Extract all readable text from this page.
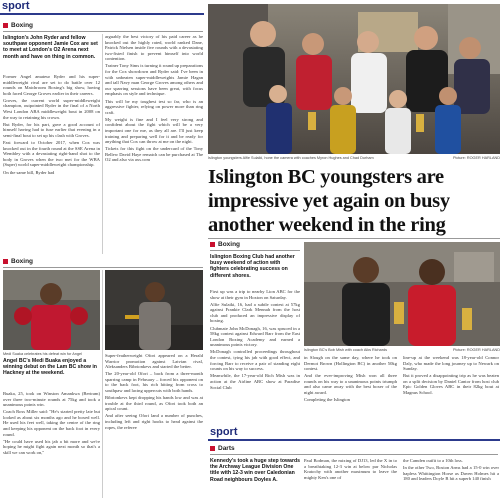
sport
Boxing
Islington's John Ryder and fellow southpaw opponent Jamie Cox are set to meet at London's O2 Arena next month and have on thing in common.

Former Angel amateur Ryder and his super-middleweight rival are set to do battle over 12 rounds on Matchroom Boxing's big show, having both faced George Groves earlier in their careers.

Groves, the current world super-middleweight champion, outpointed Ryder in the final of a North West London ABA middleweight bout in 2008 on the way to retaining his crown.

But Ryder, for his part, gave a good account of himself having had to fuse earlier that evening in a semi-final bout to set up his clash with Groves.

Fast forward to October 2017, when Cox was knocked out in the fourth round at the SSE Arena in Wembley with a devastating right-hand shot to the body in Groves when the two met for the WBA (Super) world super-middleweight championship.

On the same bill, Ryder had

arguably the best victory of his paid career as he knocked out the highly rated, world ranked Dane, Patrick Nielsen inside five rounds with a devastating two-fisted finish to prevent himself into world contention.

Trainer Tony Sims is turning it round up preparations for the Cox showdown and Ryder said: I've been in with unbeaten super-middleweights Jamie Hagan and tall Navy man George Groves among others and our sparring sessions have been great, with focus emphasis on style and technique.

This will be my toughest test so far, who is an aggressive fighter, relying on power more than ring craft.

My weight is fine and I feel very strong and confident about the fight which will be a very important one for me, as they all are. I'll just keep training and preparing well for it and be ready for anything that Cox can throw at me on the night.

Tickets for this fight on the undercard of the Tony Bellew David Haye rematch can be purchased at The O2 and also via axs.com	Islington youngsters Alfie Sulaiki, hone the camera with coaches Myron Hughes and Chad Durham	Picture: ROGER HARLAND
Islington BC youngsters are impressive yet again on busy another weekend in the ring
Boxing
Medi Suaka celebrates his defeat win for Angel
Angel BC's Medi Buaka enjoyed a winning debut on the Lam BC show in Hackney at the weekend.

Buaka, 25, took on Winston Amankwa (Bertram) over three two-minute rounds at 75kg and took a unanimous points win.

Coach Ross Miller said: "He's started pretty late but looked as about six months ago and he boxed well. He used his feet well, taking the centre of the ring and keeping his opponent on the back foot in every round.

"He could have used his jab a bit more and we're hoping he might fight again next month so that's a skill we can work on,"

Super-featherweight Ofori appeared on a Herald Warrior promotion against Latvian rival, Aleksanders Bibrionkevs and started the better.

The 20-year-old Ofori – back from a three-month sparring camp in February – forced his opponent on to the back foot, his rich hitting from cross to southpaw and lacing uppercuts with both hands.

Bibrionkevs kept dropping his hands low and was at trouble at the third round, as Ofori took both an apical count.

And after seeing Ofori land a number of punches, including left and right hooks to head against the ropes, the referee

Boxing
Islington Boxing Club had another busy weekend of action with fighters celebrating success on different shores.

First up was a trip to nearby Lion ABC for the show at their gym in Hoxton on Saturday.

Alfie Sulaiki, 16, had a subtle contest at 57kg against Frankie Clark Mennah from the host club and produced an impressive display of boxing.

Clubmate John McDonagh, 16, was spruced in a 58kg contest against Edward Barr from the East London Boxing Academy and earned a unanimous points victory.

McDonagh controlled proceedings throughout the contest, tying his jab with good effect, and forcing Barr to receive a pair of standing eight counts on his way to success.

Meanwhile, the 17-year-old Rich Mish was in action at the Airline ABC show at Paradise Social Club

Islington BC's Bob Mish with coach Aiks Richards	Picture: ROGER HARLAND

in Slough on the same day, where he took on Dermot Brown (Hollington BC) in another 50kg contest.

And the ever-improving Mish won all three rounds on his way to a unanimous points triumph and also came away with the best boxer of the night award.

Completing the Islington

line-up at the weekend was 18-year-old Connor Daly, who made the long journey up to Newark on Sunday.

But it proved a disappointing trip as he was beaten on a split decision by Daniel Cantor from host club Epic Golden Gloves ABC in their 82kg bout at Magnus School.

sport
Darts
Kennedy's took a huge step towards the Archway League Division One title with 12-3 win over Caledonian Road neighbours Doyles A.

Paul Bodman, the mixing of DJ13, led the X in to a breathtaking 12-3 win at below par Nicholas Kratochy with another maximum to leave the mighty Ken's one of

the Camden outfit to a 10th loss.

In the other Two, Boston Arms had a 15-0 win over hapless Whittington Horse as Daven Holmes hit a 180 and leaders Doyle B hit a superb 140 finish
